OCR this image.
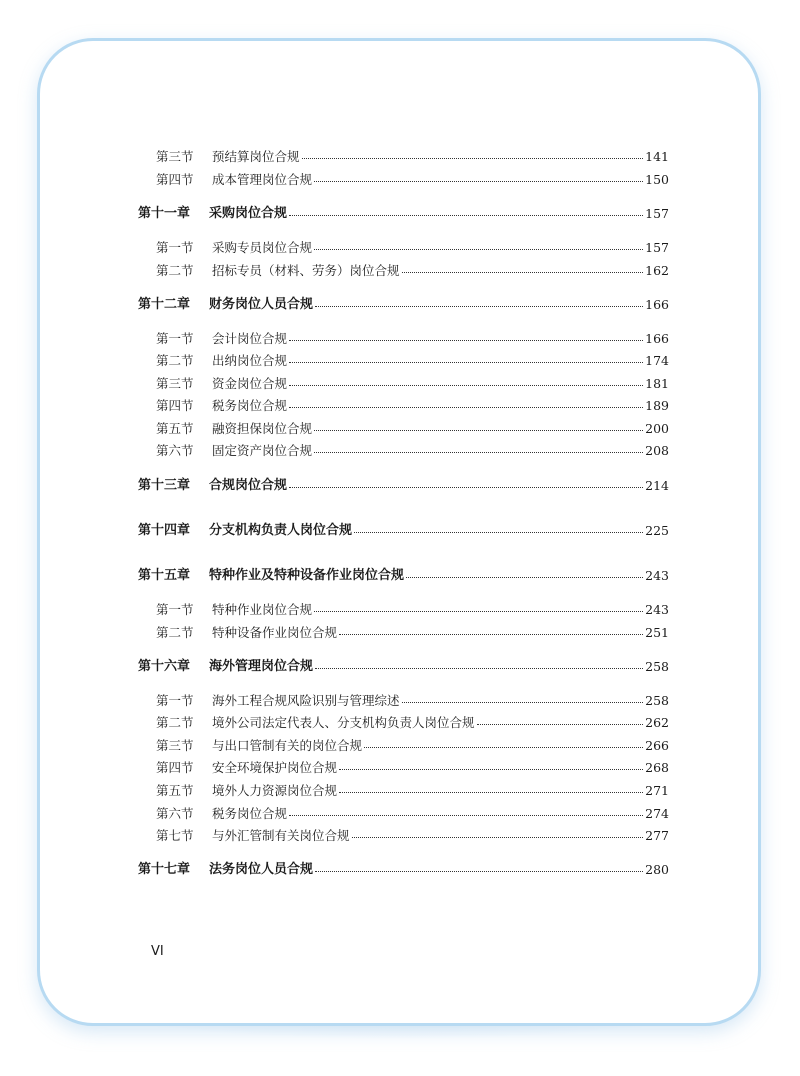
第三节	预结算岗位合规	141
第四节	成本管理岗位合规	150
第十一章	采购岗位合规	157
第一节	采购专员岗位合规	157
第二节	招标专员（材料、劳务）岗位合规	162
第十二章	财务岗位人员合规	166
第一节	会计岗位合规	166
第二节	出纳岗位合规	174
第三节	资金岗位合规	181
第四节	税务岗位合规	189
第五节	融资担保岗位合规	200
第六节	固定资产岗位合规	208
第十三章	合规岗位合规	214
第十四章	分支机构负责人岗位合规	225
第十五章	特种作业及特种设备作业岗位合规	243
第一节	特种作业岗位合规	243
第二节	特种设备作业岗位合规	251
第十六章	海外管理岗位合规	258
第一节	海外工程合规风险识别与管理综述	258
第二节	境外公司法定代表人、分支机构负责人岗位合规	262
第三节	与出口管制有关的岗位合规	266
第四节	安全环境保护岗位合规	268
第五节	境外人力资源岗位合规	271
第六节	税务岗位合规	274
第七节	与外汇管制有关岗位合规	277
第十七章	法务岗位人员合规	280
VI
